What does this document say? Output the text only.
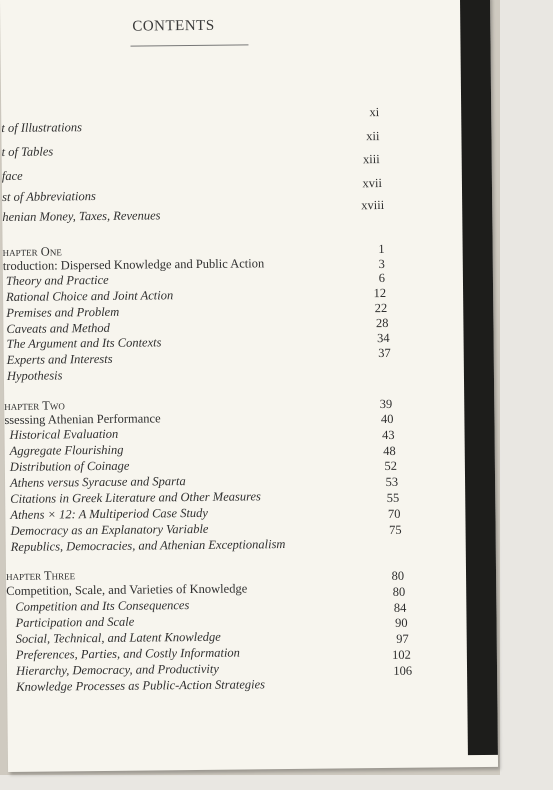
CONTENTS
t of Illustrations
xi
t of Tables
xii
face
xiii
st of Abbreviations
xvii
henian Money, Taxes, Revenues
xviii
hapter One	1
troduction: Dispersed Knowledge and Public Action
Theory and Practice
3
Rational Choice and Joint Action
6
Premises and Problem
12
Caveats and Method
22
The Argument and Its Contexts
28
Experts and Interests
34
Hypothesis
37
hapter Two	39
ssessing Athenian Performance
Historical Evaluation
40
Aggregate Flourishing
43
Distribution of Coinage
48
Athens versus Syracuse and Sparta
52
Citations in Greek Literature and Other Measures
53
Athens × 12: A Multiperiod Case Study
55
Democracy as an Explanatory Variable
70
Republics, Democracies, and Athenian Exceptionalism
75
hapter Three
Competition, Scale, and Varieties of Knowledge
80
Competition and Its Consequences
80
Participation and Scale
84
Social, Technical, and Latent Knowledge
90
Preferences, Parties, and Costly Information
97
Hierarchy, Democracy, and Productivity
102
Knowledge Processes as Public-Action Strategies
106
